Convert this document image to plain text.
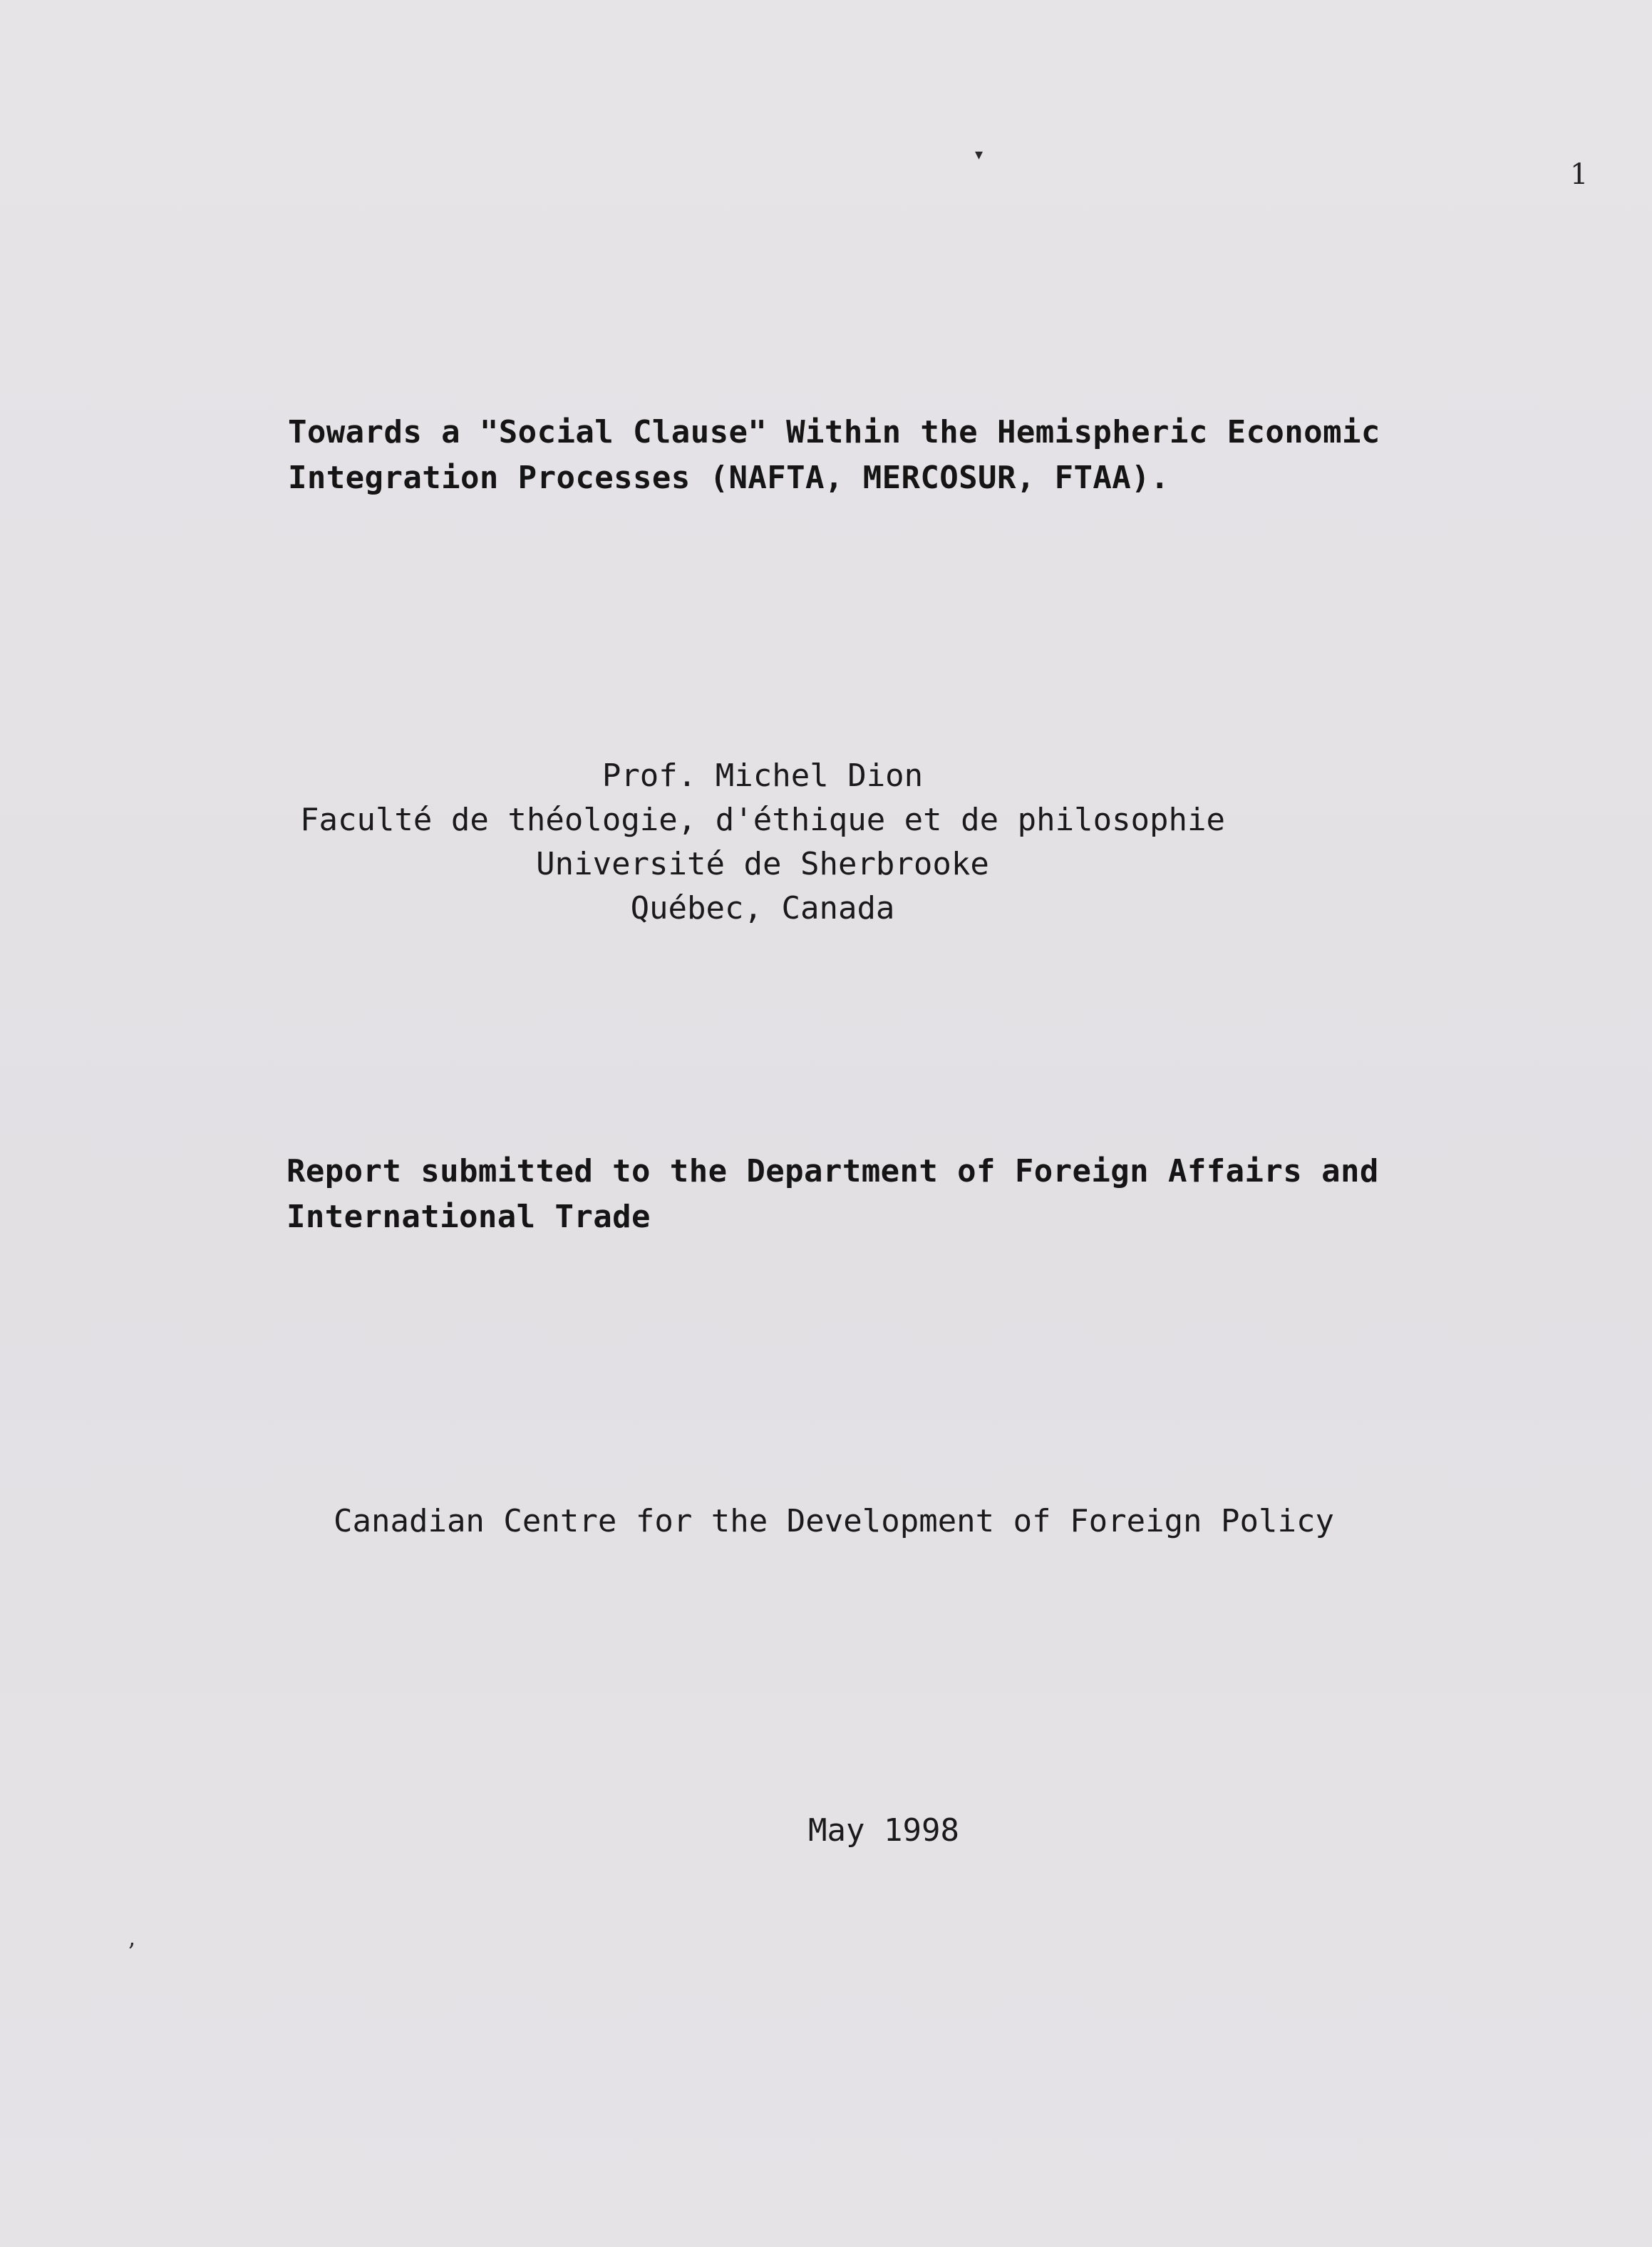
1
▾
ʼ
Towards a "Social Clause" Within the Hemispheric Economic
Integration Processes (NAFTA, MERCOSUR, FTAA).
Prof. Michel Dion
Faculté de théologie, d'éthique et de philosophie
Université de Sherbrooke
Québec, Canada
Report submitted to the Department of Foreign Affairs and
International Trade
Canadian Centre for the Development of Foreign Policy
May 1998
